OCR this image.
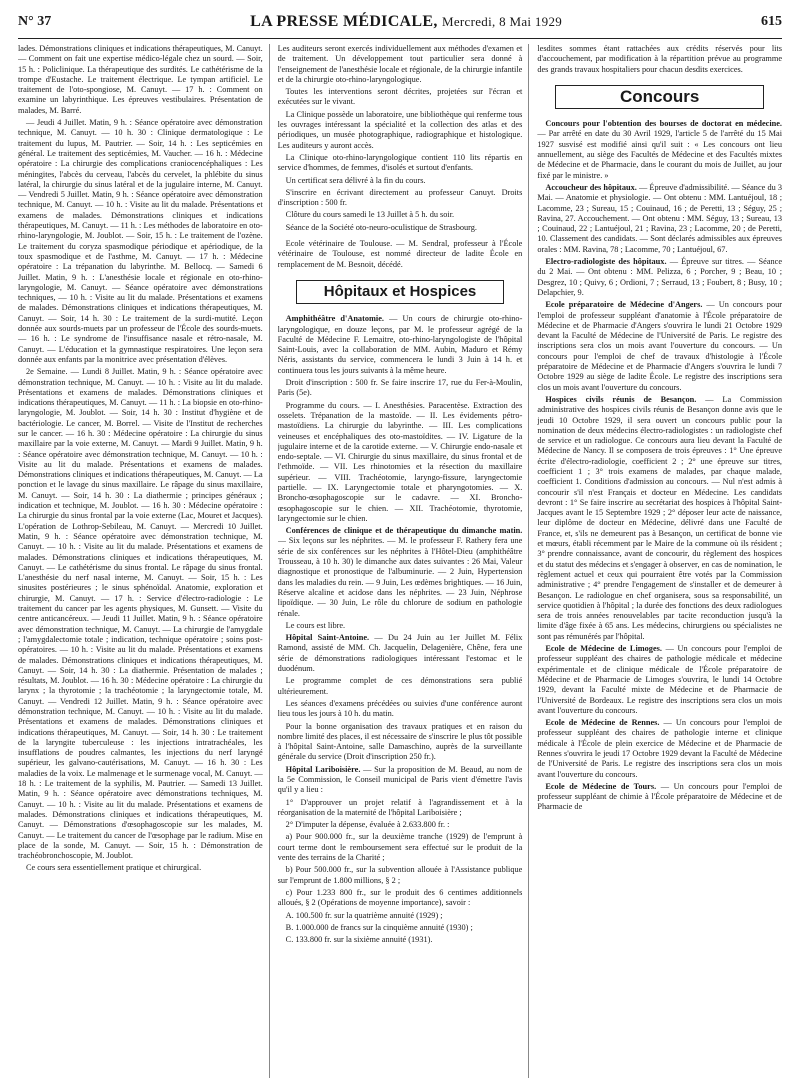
N° 37	LA PRESSE MÉDICALE, Mercredi, 8 Mai 1929	615

lades. Démonstrations cliniques et indications thérapeutiques, M. Canuyt. — Comment on fait une expertise médico-légale chez un sourd. — Soir, 15 h. : Policlinique. La thérapeutique des surdités. Le cathétérisme de la trompe d'Eustache. Le traitement électrique. Le tympan artificiel. Le traitement de l'oto-spongiose, M. Canuyt. — 17 h. : Comment on examine un labyrinthique. Les épreuves vestibulaires. Présentation de malades, M. Barré.

— Jeudi 4 Juillet. Matin, 9 h. : Séance opératoire avec démonstration technique, M. Canuyt. — 10 h. 30 : Clinique dermatologique : Le traitement du lupus, M. Pautrier. — Soir, 14 h. : Les septicémies en général. Le traitement des septicémies, M. Vaucher. — 16 h. : Médecine opératoire : La chirurgie des complications craniocencéphaliques : Les méningites, l'abcès du cerveau, l'abcès du cervelet, la phlébite du sinus latéral, la chirurgie du sinus latéral et de la jugulaire interne, M. Canuyt. — Vendredi 5 Juillet. Matin, 9 h. : Séance opératoire avec démonstration technique, M. Canuyt. — 10 h. : Visite au lit du malade. Présentations et examens de malades. Démonstrations cliniques et indications thérapeutiques, M. Canuyt. — 11 h. : Les méthodes de laboratoire en oto-rhino-laryngologie, M. Joublot. — Soir, 15 h. : Le traitement de l'ozène. Le traitement du coryza spasmodique périodique et apériodique, de la toux spasmodique et de l'asthme, M. Canuyt. — 17 h. : Médecine opératoire : La trépanation du labyrinthe. M. Bellocq. — Samedi 6 Juillet. Matin, 9 h. : L'anesthésie locale et régionale en oto-rhino-laryngologie, M. Canuyt. — Séance opératoire avec démonstrations techniques, — 10 h. : Visite au lit du malade. Présentations et examens de malades. Démonstrations cliniques et indications thérapeutiques, M. Canuyt. — Soir, 14 h. 30 : Le traitement de la surdi-mutité. Leçon donnée aux sourds-muets par un professeur de l'École des sourds-muets. — 16 h. : Le syndrome de l'insuffisance nasale et rétro-nasale, M. Canuyt. — L'éducation et la gymnastique respiratoires. Une leçon sera donnée aux enfants par la monitrice avec présentation d'élèves.

2e Semaine. — Lundi 8 Juillet. Matin, 9 h. : Séance opératoire avec démonstration technique, M. Canuyt. — 10 h. : Visite au lit du malade. Présentations et examens de malades. Démonstrations cliniques et indications thérapeutiques, M. Canuyt. — 11 h. : La biopsie en oto-rhino-laryngologie, M. Joublot. — Soir, 14 h. 30 : Institut d'hygiène et de bactériologie. Le cancer, M. Borrel. — Visite de l'Institut de recherches sur le cancer. — 16 h. 30 : Médecine opératoire : La chirurgie du sinus maxillaire par la voie externe, M. Canuyt. — Mardi 9 Juillet. Matin, 9 h. : Séance opératoire avec démonstration technique, M. Canuyt. — 10 h. : Visite au lit du malade. Présentations et examens de malades. Démonstrations cliniques et indications thérapeutiques, M. Canuyt. — La ponction et le lavage du sinus maxillaire. Le râpage du sinus maxillaire, M. Canuyt. — Soir, 14 h. 30 : La diathermie ; principes généraux ; indication et technique, M. Joublot. — 16 h. 30 : Médecine opératoire : La chirurgie du sinus frontal par la voie externe (Lac, Mouret et Jacques). L'opération de Lothrop-Sebileau, M. Canuyt. — Mercredi 10 Juillet. Matin, 9 h. : Séance opératoire avec démonstration technique, M. Canuyt. — 10 h. : Visite au lit du malade. Présentations et examens de malades. Démonstrations cliniques et indications thérapeutiques, M. Canuyt. — Le cathétérisme du sinus frontal. Le râpage du sinus frontal. L'anesthésie du nerf nasal interne, M. Canuyt. — Soir, 15 h. : Les sinusites postérieures ; le sinus sphénoïdal. Anatomie, exploration et chirurgie, M. Canuyt. — 17 h. : Service d'électro-radiologie : Le traitement du cancer par les agents physiques, M. Gunsett. — Visite du centre anticancéreux. — Jeudi 11 Juillet. Matin, 9 h. : Séance opératoire avec démonstration technique, M. Canuyt. — La chirurgie de l'amygdale ; l'amygdalectomie totale ; indication, technique opératoire ; soins post-opératoires. — 10 h. : Visite au lit du malade. Présentations et examens de malades. Démonstrations cliniques et indications thérapeutiques, M. Canuyt. — Soir, 14 h. 30 : La diathermie. Présentation de malades ; résultats, M. Joublot. — 16 h. 30 : Médecine opératoire : La chirurgie du larynx ; la thyrotomie ; la trachéotomie ; la laryngectomie totale, M. Canuyt. — Vendredi 12 Juillet. Matin, 9 h. : Séance opératoire avec démonstration technique, M. Canuyt. — 10 h. : Visite au lit du malade. Présentations et examens de malades. Démonstrations cliniques et indications thérapeutiques, M. Canuyt. — Soir, 14 h. 30 : Le traitement de la laryngite tuberculeuse : les injections intratrachéales, les insufflations de poudres calmantes, les injections du nerf laryngé supérieur, les galvano-cautérisations, M. Canuyt. — 16 h. 30 : Les maladies de la voix. Le malmenage et le surmenage vocal, M. Canuyt. — 18 h. : Le traitement de la syphilis, M. Pautrier. — Samedi 13 Juillet. Matin, 9 h. : Séance opératoire avec démonstrations techniques, M. Canuyt. — 10 h. : Visite au lit du malade. Présentations et examens de malades. Démonstrations cliniques et indications thérapeutiques, M. Canuyt. — Démonstrations d'œsophagoscopie sur les malades, M. Canuyt. — Le traitement du cancer de l'œsophage par le radium. Mise en place de la sonde, M. Canuyt. — Soir, 15 h. : Démonstration de trachéobronchoscopie, M. Joublot.

Ce cours sera essentiellement pratique et chirurgical.

Les auditeurs seront exercés individuellement aux méthodes d'examen et de traitement. Un développement tout particulier sera donné à l'enseignement de l'anesthésie locale et régionale, de la chirurgie infantile et de la chirurgie oto-rhino-laryngologique.

Toutes les interventions seront décrites, projetées sur l'écran et exécutées sur le vivant.

La Clinique possède un laboratoire, une bibliothèque qui renferme tous les ouvrages intéressant la spécialité et la collection des atlas et des périodiques, un musée photographique, radiographique et histologique. Les auditeurs y auront accès.

La Clinique oto-rhino-laryngologique contient 110 lits répartis en service d'hommes, de femmes, d'isolés et surtout d'enfants.

Un certificat sera délivré à la fin du cours.

S'inscrire en écrivant directement au professeur Canuyt. Droits d'inscription : 500 fr.

Clôture du cours samedi le 13 Juillet à 5 h. du soir.

Séance de la Société oto-neuro-oculistique de Strasbourg.

Ecole vétérinaire de Toulouse. — M. Sendral, professeur à l'École vétérinaire de Toulouse, est nommé directeur de ladite École en remplacement de M. Besnoit, décédé.

Hôpitaux et Hospices

Amphithéâtre d'Anatomie. — Un cours de chirurgie oto-rhino-laryngologique, en douze leçons, par M. le professeur agrégé de la Faculté de Médecine F. Lemaitre, oto-rhino-laryngologiste de l'hôpital Saint-Louis, avec la collaboration de MM. Aubin, Maduro et Rémy Néris, assistants du service, commencera le lundi 3 Juin à 14 h. et continuera tous les jours suivants à la même heure.

Droit d'inscription : 500 fr. Se faire inscrire 17, rue du Fer-à-Moulin, Paris (5e).

Programme du cours. — I. Anesthésies. Paracentèse. Extraction des osselets. Trépanation de la mastoïde. — II. Les évidements pétro-mastoïdiens. La chirurgie du labyrinthe. — III. Les complications veineuses et encéphaliques des oto-mastoïdites. — IV. Ligature de la jugulaire interne et de la carotide externe. — V. Chirurgie endo-nasale et endo-septale. — VI. Chirurgie du sinus maxillaire, du sinus frontal et de l'ethmoïde. — VII. Les rhinotomies et la résection du maxillaire supérieur. — VIII. Trachéotomie, laryngo-fissure, laryngectomie partielle. — IX. Laryngectomie totale et pharyngotomies. — X. Broncho-œsophagoscopie sur le cadavre. — XI. Broncho-œsophagoscopie sur le chien. — XII. Trachéotomie, thyrotomie, laryngectomie sur le chien.

Conférences de clinique et de thérapeutique du dimanche matin. — Six leçons sur les néphrites. — M. le professeur F. Rathery fera une série de six conférences sur les néphrites à l'Hôtel-Dieu (amphithéâtre Trousseau, à 10 h. 30) le dimanche aux dates suivantes : 26 Mai, Valeur diagnostique et pronostique de l'albuminurie. — 2 Juin, Hypertension dans les maladies du rein. — 9 Juin, Les œdèmes brightiques. — 16 Juin, Réserve alcaline et acidose dans les néphrites. — 23 Juin, Néphrose lipoïdique. — 30 Juin, Le rôle du chlorure de sodium en pathologie rénale.

Le cours est libre.

Hôpital Saint-Antoine. — Du 24 Juin au 1er Juillet M. Félix Ramond, assisté de MM. Ch. Jacquelin, Delagenière, Chêne, fera une série de démonstrations radiologiques intéressant l'estomac et le duodénum.

Le programme complet de ces démonstrations sera publié ultérieurement.

Les séances d'examens précédées ou suivies d'une conférence auront lieu tous les jours à 10 h. du matin.

Pour la bonne organisation des travaux pratiques et en raison du nombre limité des places, il est nécessaire de s'inscrire le plus tôt possible à l'hôpital Saint-Antoine, salle Damaschino, auprès de la surveillante générale du service (Droit d'inscription 250 fr.).

Hôpital Lariboisière. — Sur la proposition de M. Beaud, au nom de la 5e Commission, le Conseil municipal de Paris vient d'émettre l'avis qu'il y a lieu :

1° D'approuver un projet relatif à l'agrandissement et à la réorganisation de la maternité de l'hôpital Lariboisière ;

2° D'imputer la dépense, évaluée à 2.633.800 fr. :

a) Pour 900.000 fr., sur la deuxième tranche (1929) de l'emprunt à court terme dont le remboursement sera effectué sur le produit de la vente des terrains de la Charité ;

b) Pour 500.000 fr., sur la subvention allouée à l'Assistance publique sur l'emprunt de 1.800 millions, § 2 ;

c) Pour 1.233 800 fr., sur le produit des 6 centimes additionnels alloués, § 2 (Opérations de moyenne importance), savoir :

A. 100.500 fr. sur la quatrième annuité (1929) ;

B. 1.000.000 de francs sur la cinquième annuité (1930) ;

C. 133.800 fr. sur la sixième annuité (1931).

lesdites sommes étant rattachées aux crédits réservés pour lits d'accouchement, par modification à la répartition prévue au programme des grands travaux hospitaliers pour chacun desdits exercices.

Concours

Concours pour l'obtention des bourses de doctorat en médecine. — Par arrêté en date du 30 Avril 1929, l'article 5 de l'arrêté du 15 Mai 1927 susvisé est modifié ainsi qu'il suit : « Les concours ont lieu annuellement, au siège des Facultés de Médecine et des Facultés mixtes de Médecine et de Pharmacie, dans le courant du mois de Juillet, au jour fixé par le ministre. »

Accoucheur des hôpitaux. — Épreuve d'admissibilité. — Séance du 3 Mai. — Anatomie et physiologie. — Ont obtenu : MM. Lantuéjoul, 18 ; Lacomme, 23 ; Sureau, 15 ; Couinaud, 16 ; de Peretti, 13 ; Séguy, 25 ; Ravina, 27. Accouchement. — Ont obtenu : MM. Séguy, 13 ; Sureau, 13 ; Couinaud, 22 ; Lantuéjoul, 21 ; Ravina, 23 ; Lacomme, 20 ; de Peretti, 10. Classement des candidats. — Sont déclarés admissibles aux épreuves orales : MM. Ravina, 78 ; Lacomme, 70 ; Lantuéjoul, 67.

Electro-radiologiste des hôpitaux. — Épreuve sur titres. — Séance du 2 Mai. — Ont obtenu : MM. Pelizza, 6 ; Porcher, 9 ; Beau, 10 ; Desgrez, 10 ; Quivy, 6 ; Ordioni, 7 ; Serraud, 13 ; Foubert, 8 ; Busy, 10 ; Delapchier, 9.

Ecole préparatoire de Médecine d'Angers. — Un concours pour l'emploi de professeur suppléant d'anatomie à l'École préparatoire de Médecine et de Pharmacie d'Angers s'ouvrira le lundi 21 Octobre 1929 devant la Faculté de Médecine de l'Université de Paris. Le registre des inscriptions sera clos un mois avant l'ouverture du concours. — Un concours pour l'emploi de chef de travaux d'histologie à l'École préparatoire de Médecine et de Pharmacie d'Angers s'ouvrira le lundi 7 Octobre 1929 au siège de ladite École. Le registre des inscriptions sera clos un mois avant l'ouverture du concours.

Hospices civils réunis de Besançon. — La Commission administrative des hospices civils réunis de Besançon donne avis que le jeudi 10 Octobre 1929, il sera ouvert un concours public pour la nomination de deux médecins électro-radiologistes : un radiologiste chef de service et un radiologue. Ce concours aura lieu devant la Faculté de Médecine de Nancy. Il se composera de trois épreuves : 1° Une épreuve écrite d'électro-radiologie, coefficient 2 ; 2° une épreuve sur titres, coefficient 1 ; 3° trois examens de malades, par chaque malade, coefficient 1. Conditions d'admission au concours. — Nul n'est admis à concourir s'il n'est Français et docteur en Médecine. Les candidats devront : 1° Se faire inscrire au secrétariat des hospices à l'hôpital Saint-Jacques avant le 15 Septembre 1929 ; 2° déposer leur acte de naissance, leur diplôme de docteur en Médecine, délivré dans une Faculté de France, et, s'ils ne demeurent pas à Besançon, un certificat de bonne vie et mœurs, établi récemment par le Maire de la commune où ils résident ; 3° prendre connaissance, avant de concourir, du règlement des hospices et du statut des médecins et s'engager à observer, en cas de nomination, le règlement actuel et ceux qui pourraient être votés par la Commission administrative ; 4° prendre l'engagement de s'installer et de demeurer à Besançon. Le radiologue en chef organisera, sous sa responsabilité, un service quotidien à l'hôpital ; la durée des fonctions des deux radiologues sera de trois années renouvelables par tacite reconduction jusqu'à la limite d'âge fixée à 65 ans. Les médecins, chirurgiens ou spécialistes ne sont pas rémunérés par l'hôpital.

Ecole de Médecine de Limoges. — Un concours pour l'emploi de professeur suppléant des chaires de pathologie médicale et médecine expérimentale et de clinique médicale de l'École préparatoire de Médecine et de Pharmacie de Limoges s'ouvrira, le lundi 14 Octobre 1929, devant la Faculté mixte de Médecine et de Pharmacie de l'Université de Bordeaux. Le registre des inscriptions sera clos un mois avant l'ouverture du concours.

Ecole de Médecine de Rennes. — Un concours pour l'emploi de professeur suppléant des chaires de pathologie interne et clinique médicale à l'École de plein exercice de Médecine et de Pharmacie de Rennes s'ouvrira le jeudi 17 Octobre 1929 devant la Faculté de Médecine de l'Université de Paris. Le registre des inscriptions sera clos un mois avant l'ouverture du concours.

Ecole de Médecine de Tours. — Un concours pour l'emploi de professeur suppléant de chimie à l'École préparatoire de Médecine et de Pharmacie de
